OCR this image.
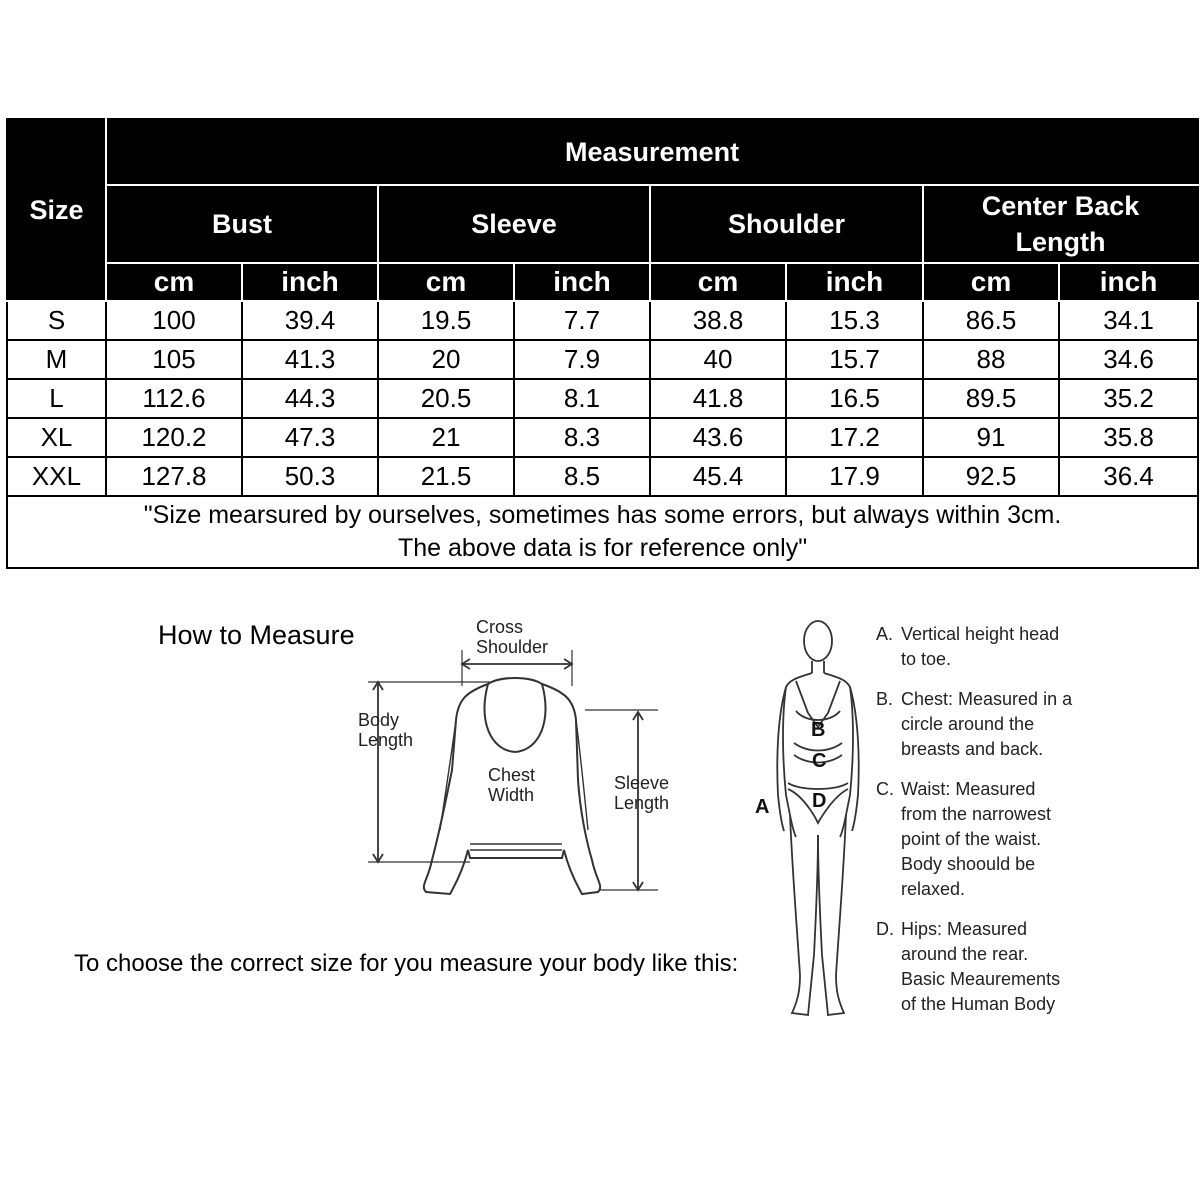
Size	Measurement							
	Bust		Sleeve		Shoulder		Center Back Length	
	cm	inch	cm	inch	cm	inch	cm	inch
S	100	39.4	19.5	7.7	38.8	15.3	86.5	34.1
M	105	41.3	20	7.9	40	15.7	88	34.6
L	112.6	44.3	20.5	8.1	41.8	16.5	89.5	35.2
XL	120.2	47.3	21	8.3	43.6	17.2	91	35.8
XXL	127.8	50.3	21.5	8.5	45.4	17.9	92.5	36.4

"Size mearsured by ourselves, sometimes has some errors, but always within 3cm.
The above data is for reference only"								
How to Measure	Cross
Shoulder
Body
Length
Chest
Width
Sleeve
Length
To choose the correct size for you measure your body like this:
A
B
C
D
A. Vertical height head
to toe.
B. Chest: Measured in a
circle around the
breasts and back.
C. Waist: Measured
from the narrowest
point of the waist.
Body shoould be
relaxed.
D. Hips: Measured
around the rear.
Basic Meaurements
of the Human Body
